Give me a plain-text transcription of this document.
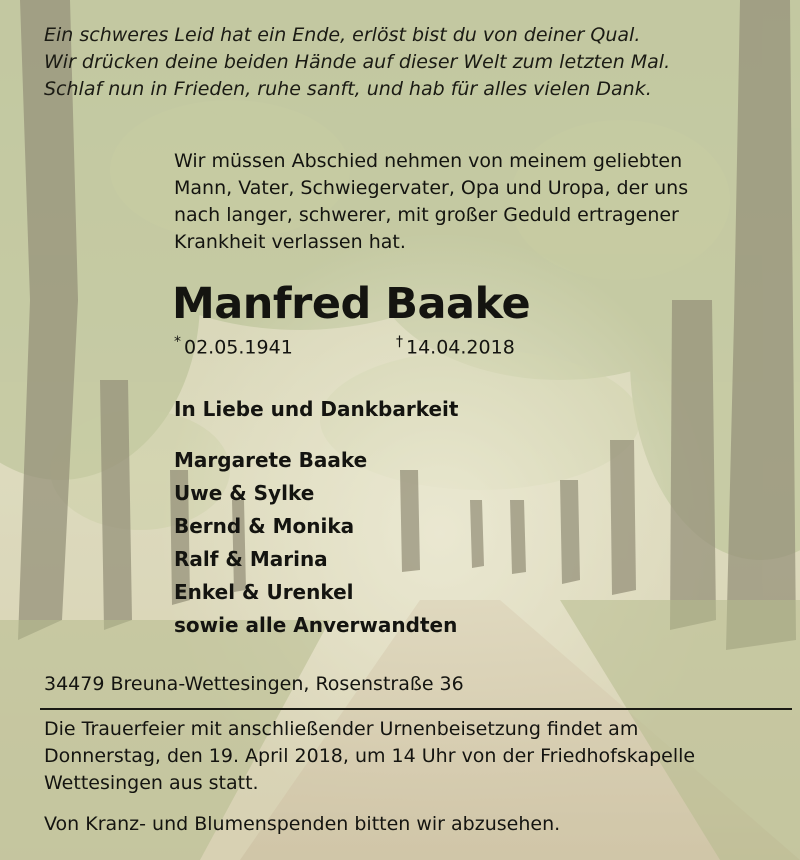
Ein schweres Leid hat ein Ende, erlöst bist du von deiner Qual.
Wir drücken deine beiden Hände auf dieser Welt zum letzten Mal.
Schlaf nun in Frieden, ruhe sanft, und hab für alles vielen Dank.
Wir müssen Abschied nehmen von meinem geliebten
Mann, Vater, Schwiegervater, Opa und Uropa, der uns
nach langer, schwerer, mit großer Geduld ertragener
Krankheit verlassen hat.
Manfred Baake
* 02.05.1941	† 14.04.2018
In Liebe und Dankbarkeit
Margarete Baake
Uwe & Sylke
Bernd & Monika
Ralf & Marina
Enkel & Urenkel
sowie alle Anverwandten
34479 Breuna-Wettesingen, Rosenstraße 36
Die Trauerfeier mit anschließender Urnenbeisetzung findet am
Donnerstag, den 19. April 2018, um 14 Uhr von der Friedhofskapelle
Wettesingen aus statt.
Von Kranz- und Blumenspenden bitten wir abzusehen.
